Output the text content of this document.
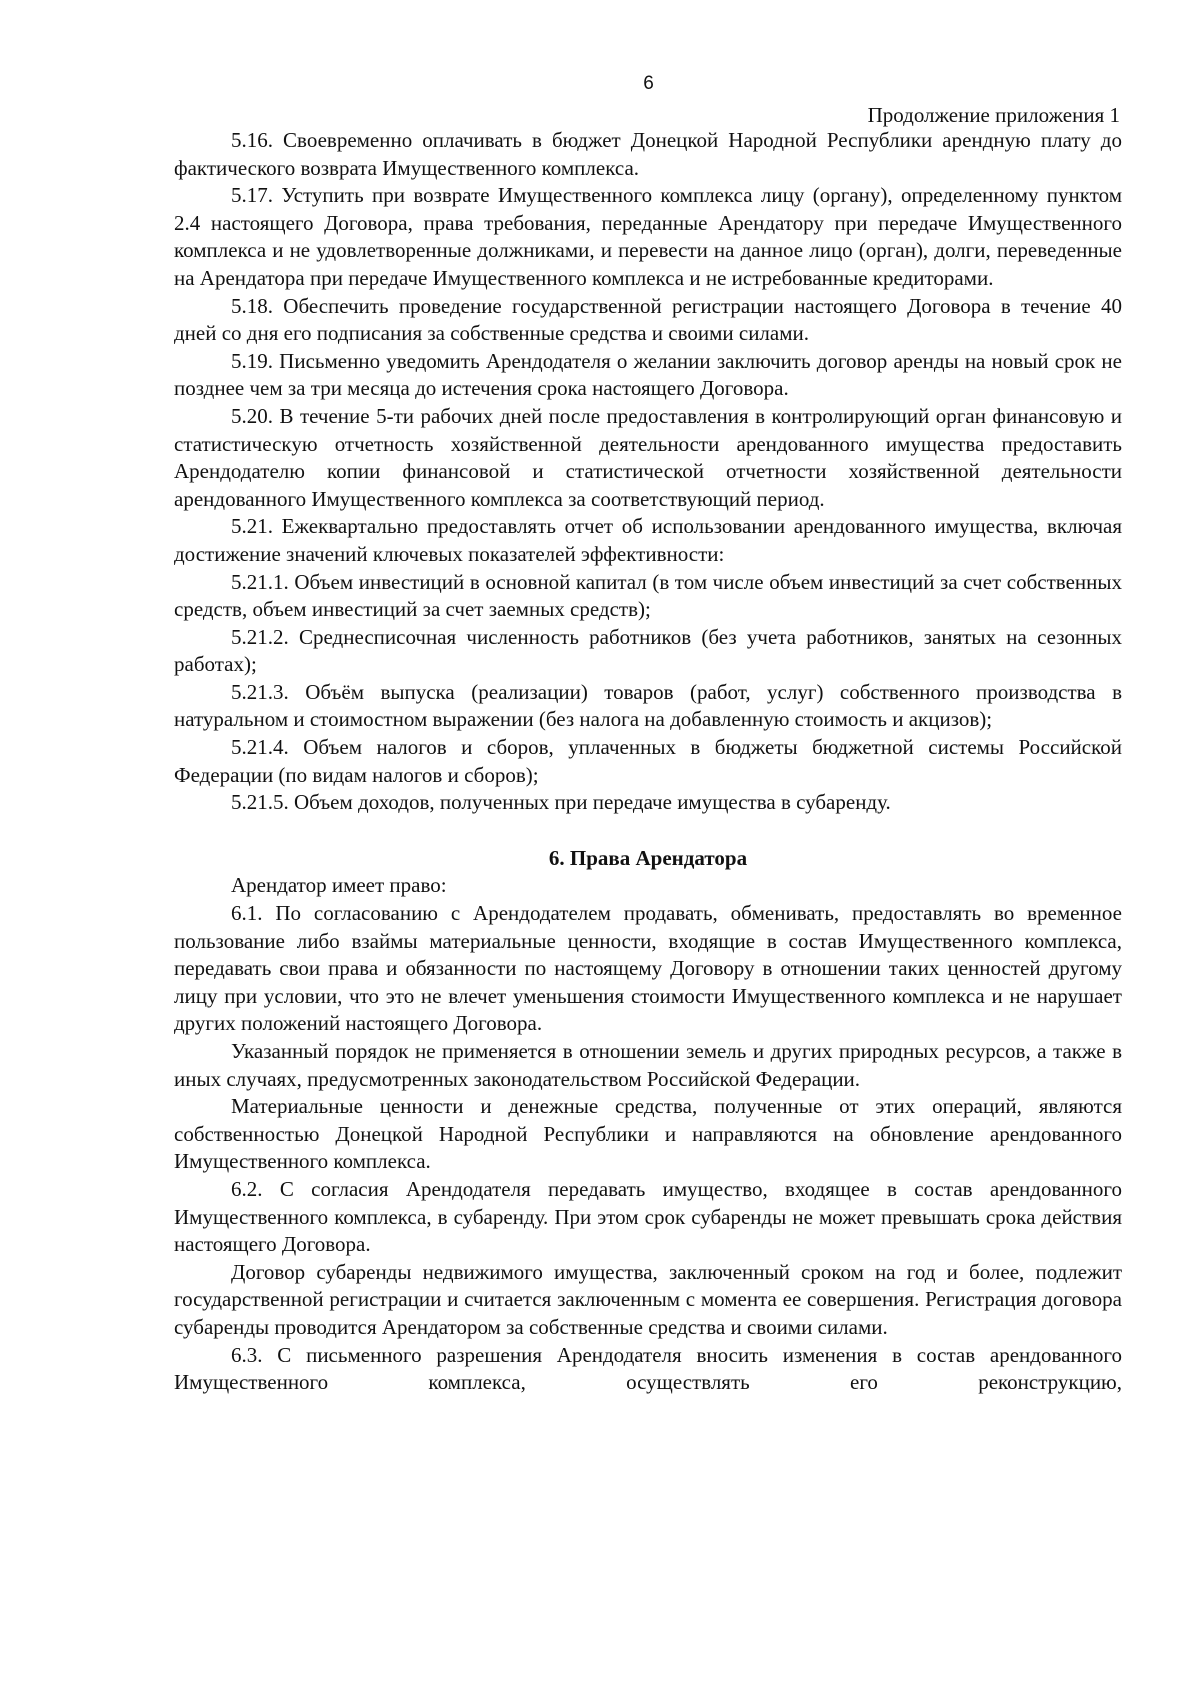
6
Продолжение приложения 1

5.16. Своевременно оплачивать в бюджет Донецкой Народной Республики арендную плату до фактического возврата Имущественного комплекса.

5.17. Уступить при возврате Имущественного комплекса лицу (органу), определенному пунктом 2.4 настоящего Договора, права требования, переданные Арендатору при передаче Имущественного комплекса и не удовлетворенные должниками, и перевести на данное лицо (орган), долги, переведенные на Арендатора при передаче Имущественного комплекса и не истребованные кредиторами.

5.18. Обеспечить проведение государственной регистрации настоящего Договора в течение 40 дней со дня его подписания за собственные средства и своими силами.

5.19. Письменно уведомить Арендодателя о желании заключить договор аренды на новый срок не позднее чем за три месяца до истечения срока настоящего Договора.

5.20. В течение 5-ти рабочих дней после предоставления в контролирующий орган финансовую и статистическую отчетность хозяйственной деятельности арендованного имущества предоставить Арендодателю копии финансовой и статистической отчетности хозяйственной деятельности арендованного Имущественного комплекса за соответствующий период.

5.21. Ежеквартально предоставлять отчет об использовании арендованного имущества, включая достижение значений ключевых показателей эффективности:

5.21.1. Объем инвестиций в основной капитал (в том числе объем инвестиций за счет собственных средств, объем инвестиций за счет заемных средств);

5.21.2. Среднесписочная численность работников (без учета работников, занятых на сезонных работах);

5.21.3. Объём выпуска (реализации) товаров (работ, услуг) собственного производства в натуральном и стоимостном выражении (без налога на добавленную стоимость и акцизов);

5.21.4. Объем налогов и сборов, уплаченных в бюджеты бюджетной системы Российской Федерации (по видам налогов и сборов);

5.21.5. Объем доходов, полученных при передаче имущества в субаренду.

6. Права Арендатора

Арендатор имеет право:

6.1. По согласованию с Арендодателем продавать, обменивать, предоставлять во временное пользование либо взаймы материальные ценности, входящие в состав Имущественного комплекса, передавать свои права и обязанности по настоящему Договору в отношении таких ценностей другому лицу при условии, что это не влечет уменьшения стоимости Имущественного комплекса и не нарушает других положений настоящего Договора.

Указанный порядок не применяется в отношении земель и других природных ресурсов, а также в иных случаях, предусмотренных законодательством Российской Федерации.

Материальные ценности и денежные средства, полученные от этих операций, являются собственностью Донецкой Народной Республики и направляются на обновление арендованного Имущественного комплекса.

6.2. С согласия Арендодателя передавать имущество, входящее в состав арендованного Имущественного комплекса, в субаренду. При этом срок субаренды не может превышать срока действия настоящего Договора.

Договор субаренды недвижимого имущества, заключенный сроком на год и более, подлежит государственной регистрации и считается заключенным с момента ее совершения. Регистрация договора субаренды проводится Арендатором за собственные средства и своими силами.

6.3. С письменного разрешения Арендодателя вносить изменения в состав арендованного Имущественного комплекса, осуществлять его реконструкцию,
